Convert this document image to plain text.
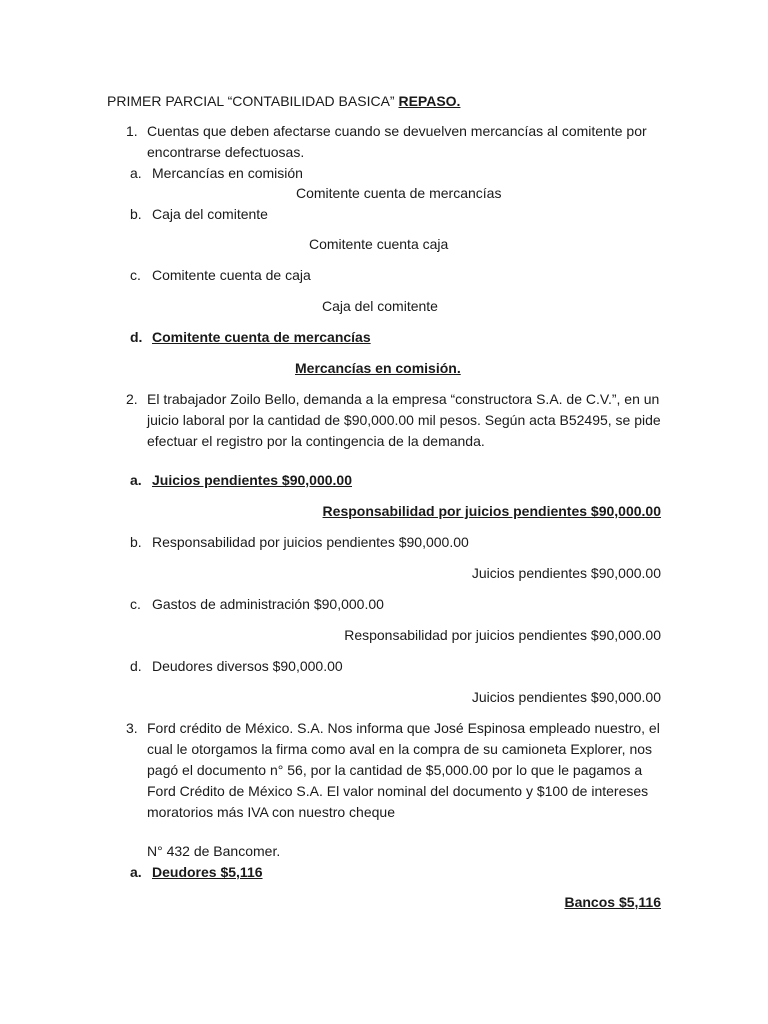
PRIMER PARCIAL “CONTABILIDAD BASICA” REPASO.
1. Cuentas que deben afectarse cuando se devuelven mercancías al comitente por encontrarse defectuosas.
a. Mercancías en comisión
Comitente cuenta de mercancías
b. Caja del comitente
Comitente cuenta caja
c. Comitente cuenta de caja
Caja del comitente
d. Comitente cuenta de mercancías
Mercancías en comisión.
2. El trabajador Zoilo Bello, demanda a la empresa “constructora S.A. de C.V.”, en un juicio laboral por la cantidad de $90,000.00 mil pesos. Según acta B52495, se pide efectuar el registro por la contingencia de la demanda.
a. Juicios pendientes $90,000.00
Responsabilidad por juicios pendientes $90,000.00
b. Responsabilidad por juicios pendientes $90,000.00
Juicios pendientes $90,000.00
c. Gastos de administración $90,000.00
Responsabilidad por juicios pendientes $90,000.00
d. Deudores diversos $90,000.00
Juicios pendientes $90,000.00
3. Ford crédito de México. S.A. Nos informa que José Espinosa empleado nuestro, el cual le otorgamos la firma como aval en la compra de su camioneta Explorer, nos pagó el documento n° 56, por la cantidad de $5,000.00 por lo que le pagamos a Ford Crédito de México S.A. El valor nominal del documento y $100 de intereses moratorios más IVA con nuestro cheque
N° 432 de Bancomer.
a. Deudores $5,116
Bancos $5,116
